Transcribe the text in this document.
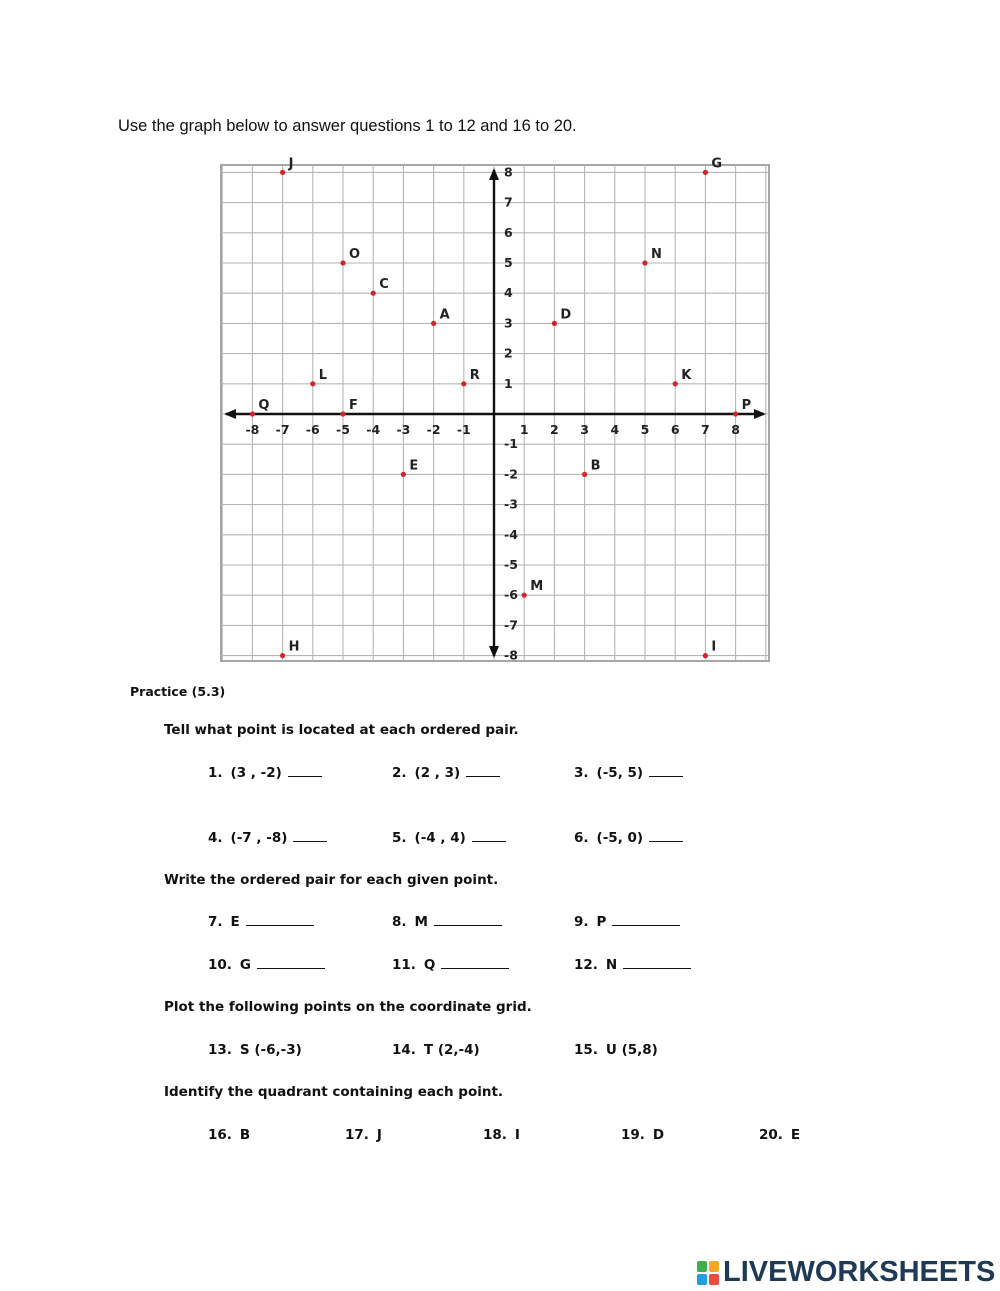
Use the graph below to answer questions 1 to 12 and 16 to 20.
-8 -7 -6 -5 -4 -3 -2 -1	1 2 3 4 5 6 7 8
8
7
6
5
4
3
2
1
-1
-2
-3
-4
-5
-6
-7
-8
J	G
O	N
C
A	D
L	R	K
Q	F	P
E	B
M
H	I
Practice (5.3)
Tell what point is located at each ordered pair.
1. (3 , -2)	2. (2 , 3)	3. (-5, 5)
4. (-7 , -8)	5. (-4 , 4)	6. (-5, 0)
Write the ordered pair for each given point.
7. E	8. M	9. P
10. G	11. Q	12. N
Plot the following points on the coordinate grid.
13. S (-6,-3)	14. T (2,-4)	15. U (5,8)
Identify the quadrant containing each point.
16. B	17. J	18. I	19. D	20. E
LIVEWORKSHEETS
